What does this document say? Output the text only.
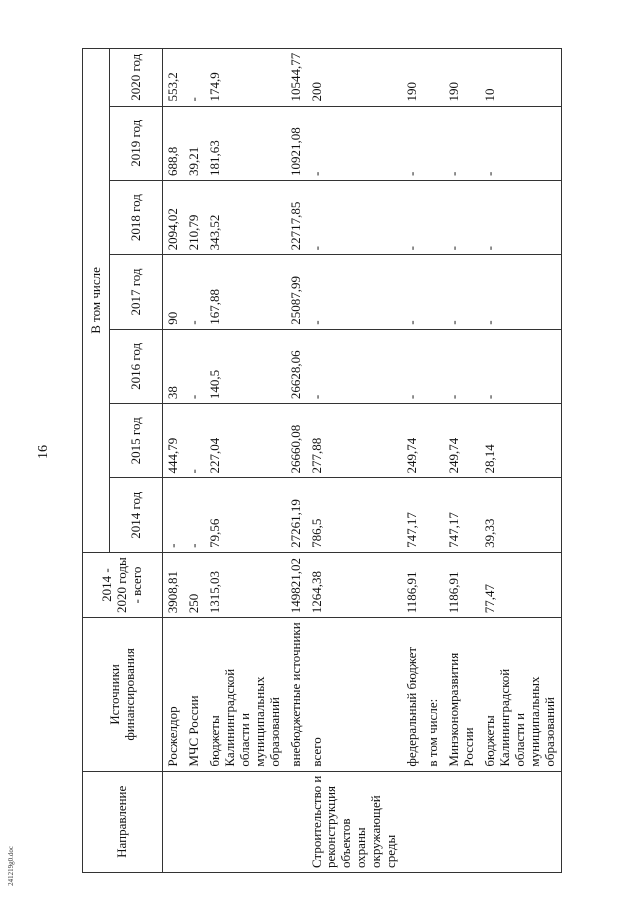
16
241219g0.doc
Направление	Источники финансирования	2014 - 2020 годы - всего	В том числе						
			2014 год	2015 год	2016 год	2017 год	2018 год	2019 год	2020 год
	Росжелдор	3908,81	-	444,79	38	90	2094,02	688,8	553,2
	МЧС России	250	-	-	-	-	210,79	39,21	-
	бюджеты Калининградской области и муниципальных образований	1315,03	79,56	227,04	140,5	167,88	343,52	181,63	174,9
	внебюджетные источники	149821,02	27261,19	26660,08	26628,06	25087,99	22717,85	10921,08	10544,77
Строительство и реконструкция объектов охраны окружающей среды	всего	1264,38	786,5	277,88	-	-	-	-	200
	федеральный бюджет	1186,91	747,17	249,74	-	-	-	-	190
	в том числе:								
	Минэкономразвития России	1186,91	747,17	249,74	-	-	-	-	190
	бюджеты Калининградской области и муниципальных образований	77,47	39,33	28,14	-	-	-	-	10
